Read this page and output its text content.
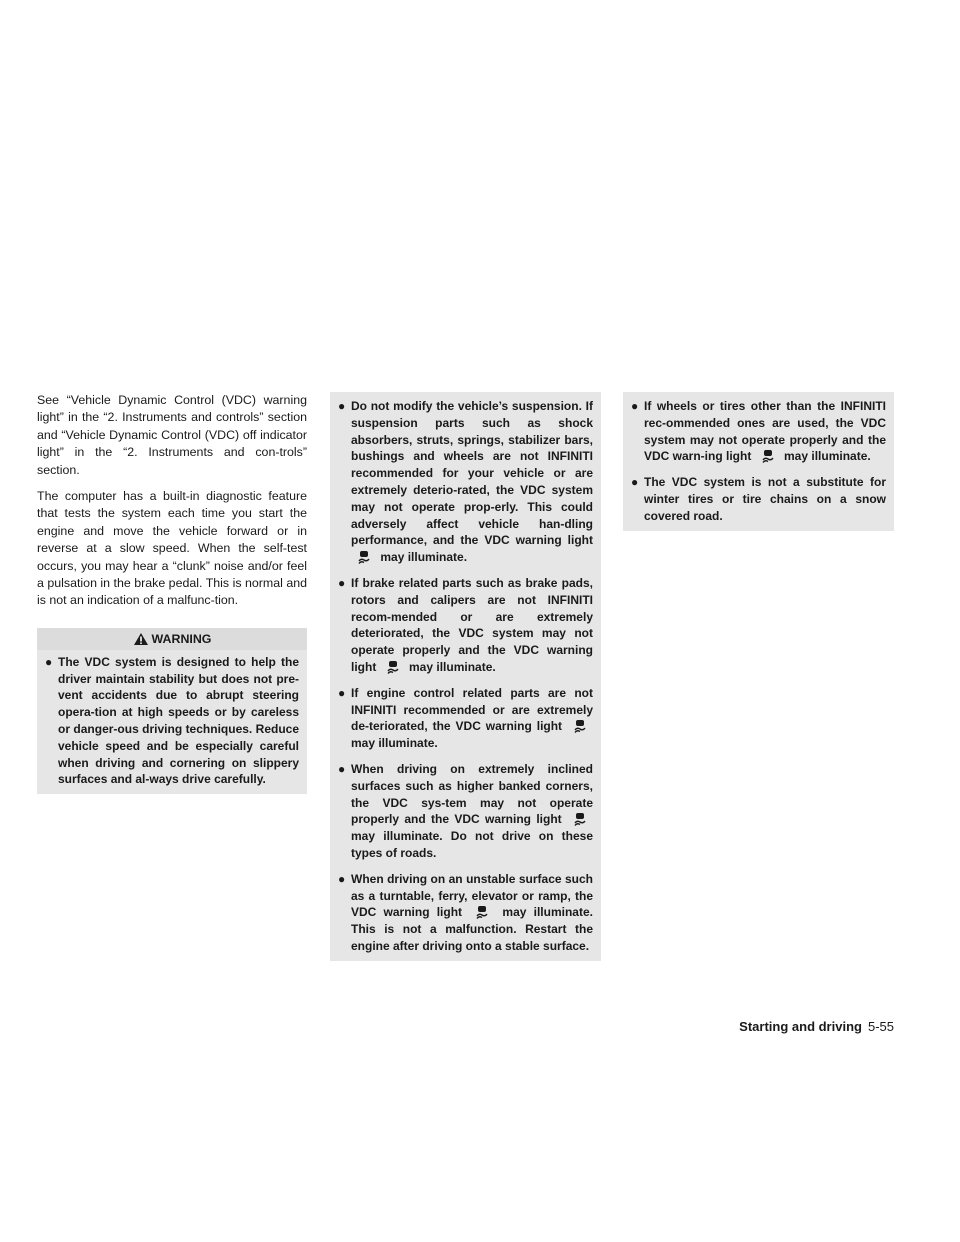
See “Vehicle Dynamic Control (VDC) warning light” in the “2. Instruments and controls” section and “Vehicle Dynamic Control (VDC) off indicator light” in the “2. Instruments and con-trols” section.

The computer has a built-in diagnostic feature that tests the system each time you start the engine and move the vehicle forward or in reverse at a slow speed. When the self-test occurs, you may hear a “clunk” noise and/or feel a pulsation in the brake pedal. This is normal and is not an indication of a malfunc-tion.

WARNING
● The VDC system is designed to help the driver maintain stability but does not pre-vent accidents due to abrupt steering opera-tion at high speeds or by careless or danger-ous driving techniques. Reduce vehicle speed and be especially careful when driving and cornering on slippery surfaces and al-ways drive carefully.
● Do not modify the vehicle’s suspension. If suspension parts such as shock absorbers, struts, springs, stabilizer bars, bushings and wheels are not INFINITI recommended for your vehicle or are extremely deterio-rated, the VDC system may not operate prop-erly. This could adversely affect vehicle han-dling performance, and the VDC warning light  may illuminate.
● If brake related parts such as brake pads, rotors and calipers are not INFINITI recom-mended or are extremely deteriorated, the VDC system may not operate properly and the VDC warning light	may illuminate.
● If engine control related parts are not INFINITI recommended or are extremely de-teriorated, the VDC warning light  may illuminate.
● When driving on extremely inclined surfaces such as higher banked corners, the VDC sys-tem may not operate properly and the VDC warning light  may illuminate. Do not drive on these types of roads.
● When driving on an unstable surface such as a turntable, ferry, elevator or ramp, the VDC warning light	may illuminate. This is not a malfunction. Restart the engine after driving onto a stable surface.
● If wheels or tires other than the INFINITI rec-ommended ones are used, the VDC system may not operate properly and the VDC warn-ing light	may illuminate.
● The VDC system is not a substitute for winter tires or tire chains on a snow covered road.
Starting and driving 5-55
